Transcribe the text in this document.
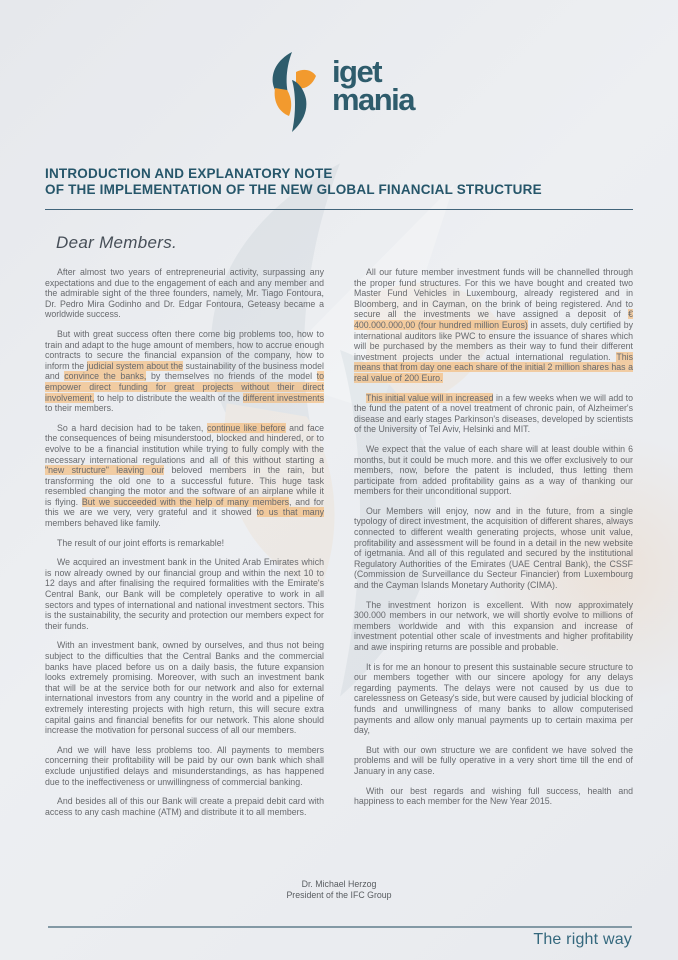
iget
mania
INTRODUCTION AND EXPLANATORY NOTE
OF THE IMPLEMENTATION OF THE NEW GLOBAL FINANCIAL STRUCTURE
Dear Members.

After almost two years of entrepreneurial activity, surpassing any expectations and due to the engagement of each and any member and the admirable sight of the three founders, namely, Mr. Tiago Fontoura, Dr. Pedro Mira Godinho and Dr. Edgar Fontoura, Geteasy became a worldwide success.

But with great success often there come big problems too, how to train and adapt to the huge amount of members, how to accrue enough contracts to secure the financial expansion of the company, how to inform the judicial system about the sustainability of the business model and convince the banks, by themselves no friends of the model to empower direct funding for great projects without their direct involvement, to help to distribute the wealth of the different investments to their members.

So a hard decision had to be taken, continue like before and face the consequences of being misunderstood, blocked and hindered, or to evolve to be a financial institution while trying to fully comply with the necessary international regulations and all of this without starting a "new structure" leaving our beloved members in the rain, but transforming the old one to a successful future. This huge task resembled changing the motor and the software of an airplane while it is flying. But we succeeded with the help of many members, and for this we are we very, very grateful and it showed to us that many members behaved like family.

The result of our joint efforts is remarkable!

We acquired an investment bank in the United Arab Emirates which is now already owned by our financial group and within the next 10 to 12 days and after finalising the required formalities with the Emirate's Central Bank, our Bank will be completely operative to work in all sectors and types of international and national investment sectors. This is the sustainability, the security and protection our members expect for their funds.

With an investment bank, owned by ourselves, and thus not being subject to the difficulties that the Central Banks and the commercial banks have placed before us on a daily basis, the future expansion looks extremely promising. Moreover, with such an investment bank that will be at the service both for our network and also for external international investors from any country in the world and a pipeline of extremely interesting projects with high return, this will secure extra capital gains and financial benefits for our network. This alone should increase the motivation for personal success of all our members.

And we will have less problems too. All payments to members concerning their profitability will be paid by our own bank which shall exclude unjustified delays and misunderstandings, as has happened due to the ineffectiveness or unwillingness of commercial banking.

And besides all of this our Bank will create a prepaid debit card with access to any cash machine (ATM) and distribute it to all members.

All our future member investment funds will be channelled through the proper fund structures. For this we have bought and created two Master Fund Vehicles in Luxembourg, already registered and in Bloomberg, and in Cayman, on the brink of being registered. And to secure all the investments we have assigned a deposit of € 400.000.000,00 (four hundred million Euros) in assets, duly certified by international auditors like PWC to ensure the issuance of shares which will be purchased by the members as their way to fund their different investment projects under the actual international regulation. This means that from day one each share of the initial 2 million shares has a real value of 200 Euro.

This initial value will in increased in a few weeks when we will add to the fund the patent of a novel treatment of chronic pain, of Alzheimer's disease and early stages Parkinson's diseases, developed by scientists of the University of Tel Aviv, Helsinki and MIT.

We expect that the value of each share will at least double within 6 months, but it could be much more. and this we offer exclusively to our members, now, before the patent is included, thus letting them participate from added profitability gains as a way of thanking our members for their unconditional support.

Our Members will enjoy, now and in the future, from a single typology of direct investment, the acquisition of different shares, always connected to different wealth generating projects, whose unit value, profitability and assessment will be found in a detail in the new website of igetmania. And all of this regulated and secured by the institutional Regulatory Authorities of the Emirates (UAE Central Bank), the CSSF (Commission de Surveillance du Secteur Financier) from Luxembourg and the Cayman Islands Monetary Authority (CIMA).

The investment horizon is excellent. With now approximately 300.000 members in our network, we will shortly evolve to millions of members worldwide and with this expansion and increase of investment potential other scale of investments and higher profitability and awe inspiring returns are possible and probable.

It is for me an honour to present this sustainable secure structure to our members together with our sincere apology for any delays regarding payments. The delays were not caused by us due to carelessness on Geteasy's side, but were caused by judicial blocking of funds and unwillingness of many banks to allow computerised payments and allow only manual payments up to certain maxima per day,

But with our own structure we are confident we have solved the problems and will be fully operative in a very short time till the end of January in any case.

With our best regards and wishing full success, health and happiness to each member for the New Year 2015.

Dr. Michael Herzog
President of the IFC Group
The right way
